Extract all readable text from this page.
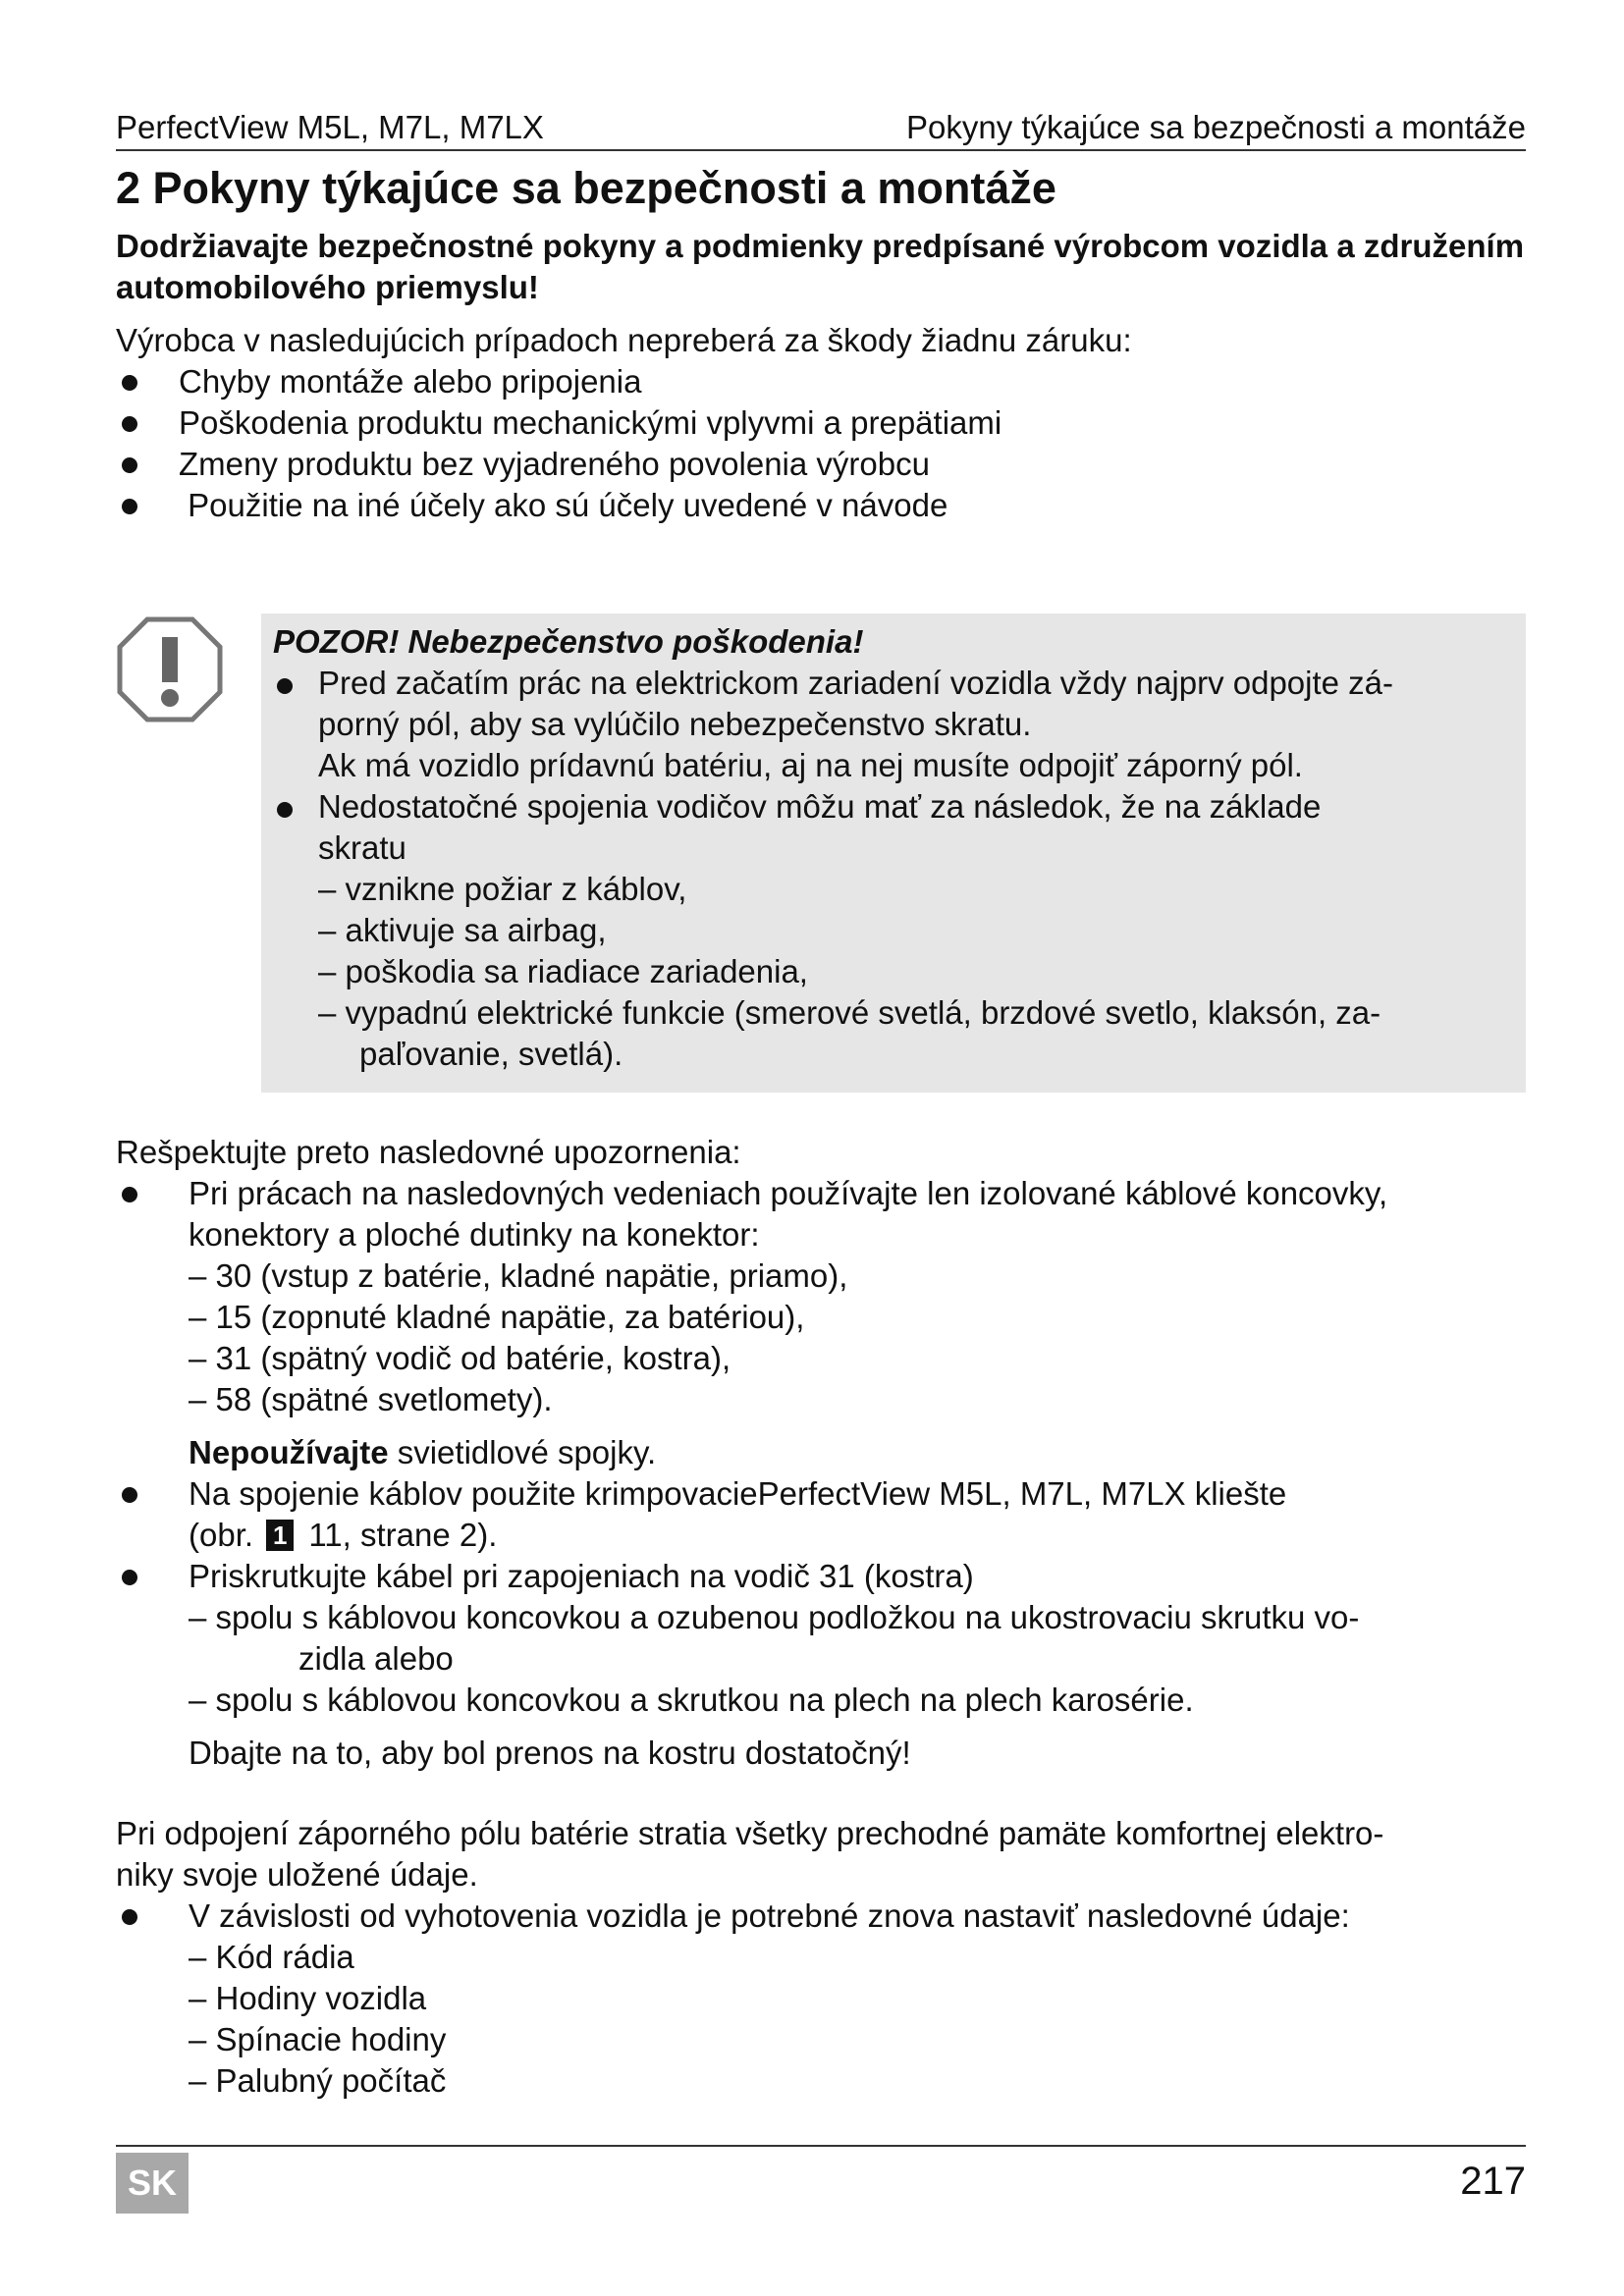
PerfectView M5L, M7L, M7LX	Pokyny týkajúce sa bezpečnosti a montáže
2 Pokyny týkajúce sa bezpečnosti a montáže
Dodržiavajte bezpečnostné pokyny a podmienky predpísané výrobcom vozidla a združením automobilového priemyslu!
Výrobca v nasledujúcich prípadoch nepreberá za škody žiadnu záruku:
Chyby montáže alebo pripojenia
Poškodenia produktu mechanickými vplyvmi a prepätiami
Zmeny produktu bez vyjadreného povolenia výrobcu
Použitie na iné účely ako sú účely uvedené v návode
POZOR! Nebezpečenstvo poškodenia!
Pred začatím prác na elektrickom zariadení vozidla vždy najprv odpojte zá-
porný pól, aby sa vylúčilo nebezpečenstvo skratu.
Ak má vozidlo prídavnú batériu, aj na nej musíte odpojiť záporný pól.
Nedostatočné spojenia vodičov môžu mať za následok, že na základe
skratu
– vznikne požiar z káblov,
– aktivuje sa airbag,
– poškodia sa riadiace zariadenia,
– vypadnú elektrické funkcie (smerové svetlá, brzdové svetlo, klaksón, za-
paľovanie, svetlá).
Rešpektujte preto nasledovné upozornenia:
Pri prácach na nasledovných vedeniach používajte len izolované káblové koncovky,
konektory a ploché dutinky na konektor:
– 30 (vstup z batérie, kladné napätie, priamo),
– 15 (zopnuté kladné napätie, za batériou),
– 31 (spätný vodič od batérie, kostra),
– 58 (spätné svetlomety).
Nepoužívajte svietidlové spojky.
Na spojenie káblov použite krimpovaciePerfectView M5L, M7L, M7LX kliešte
(obr. 1 11, strane 2).
Priskrutkujte kábel pri zapojeniach na vodič 31 (kostra)
– spolu s káblovou koncovkou a ozubenou podložkou na ukostrovaciu skrutku vo-
zidla alebo
– spolu s káblovou koncovkou a skrutkou na plech na plech karosérie.
Dbajte na to, aby bol prenos na kostru dostatočný!
Pri odpojení záporného pólu batérie stratia všetky prechodné pamäte komfortnej elektro-
niky svoje uložené údaje.
V závislosti od vyhotovenia vozidla je potrebné znova nastaviť nasledovné údaje:
– Kód rádia
– Hodiny vozidla
– Spínacie hodiny
– Palubný počítač
SK	217
